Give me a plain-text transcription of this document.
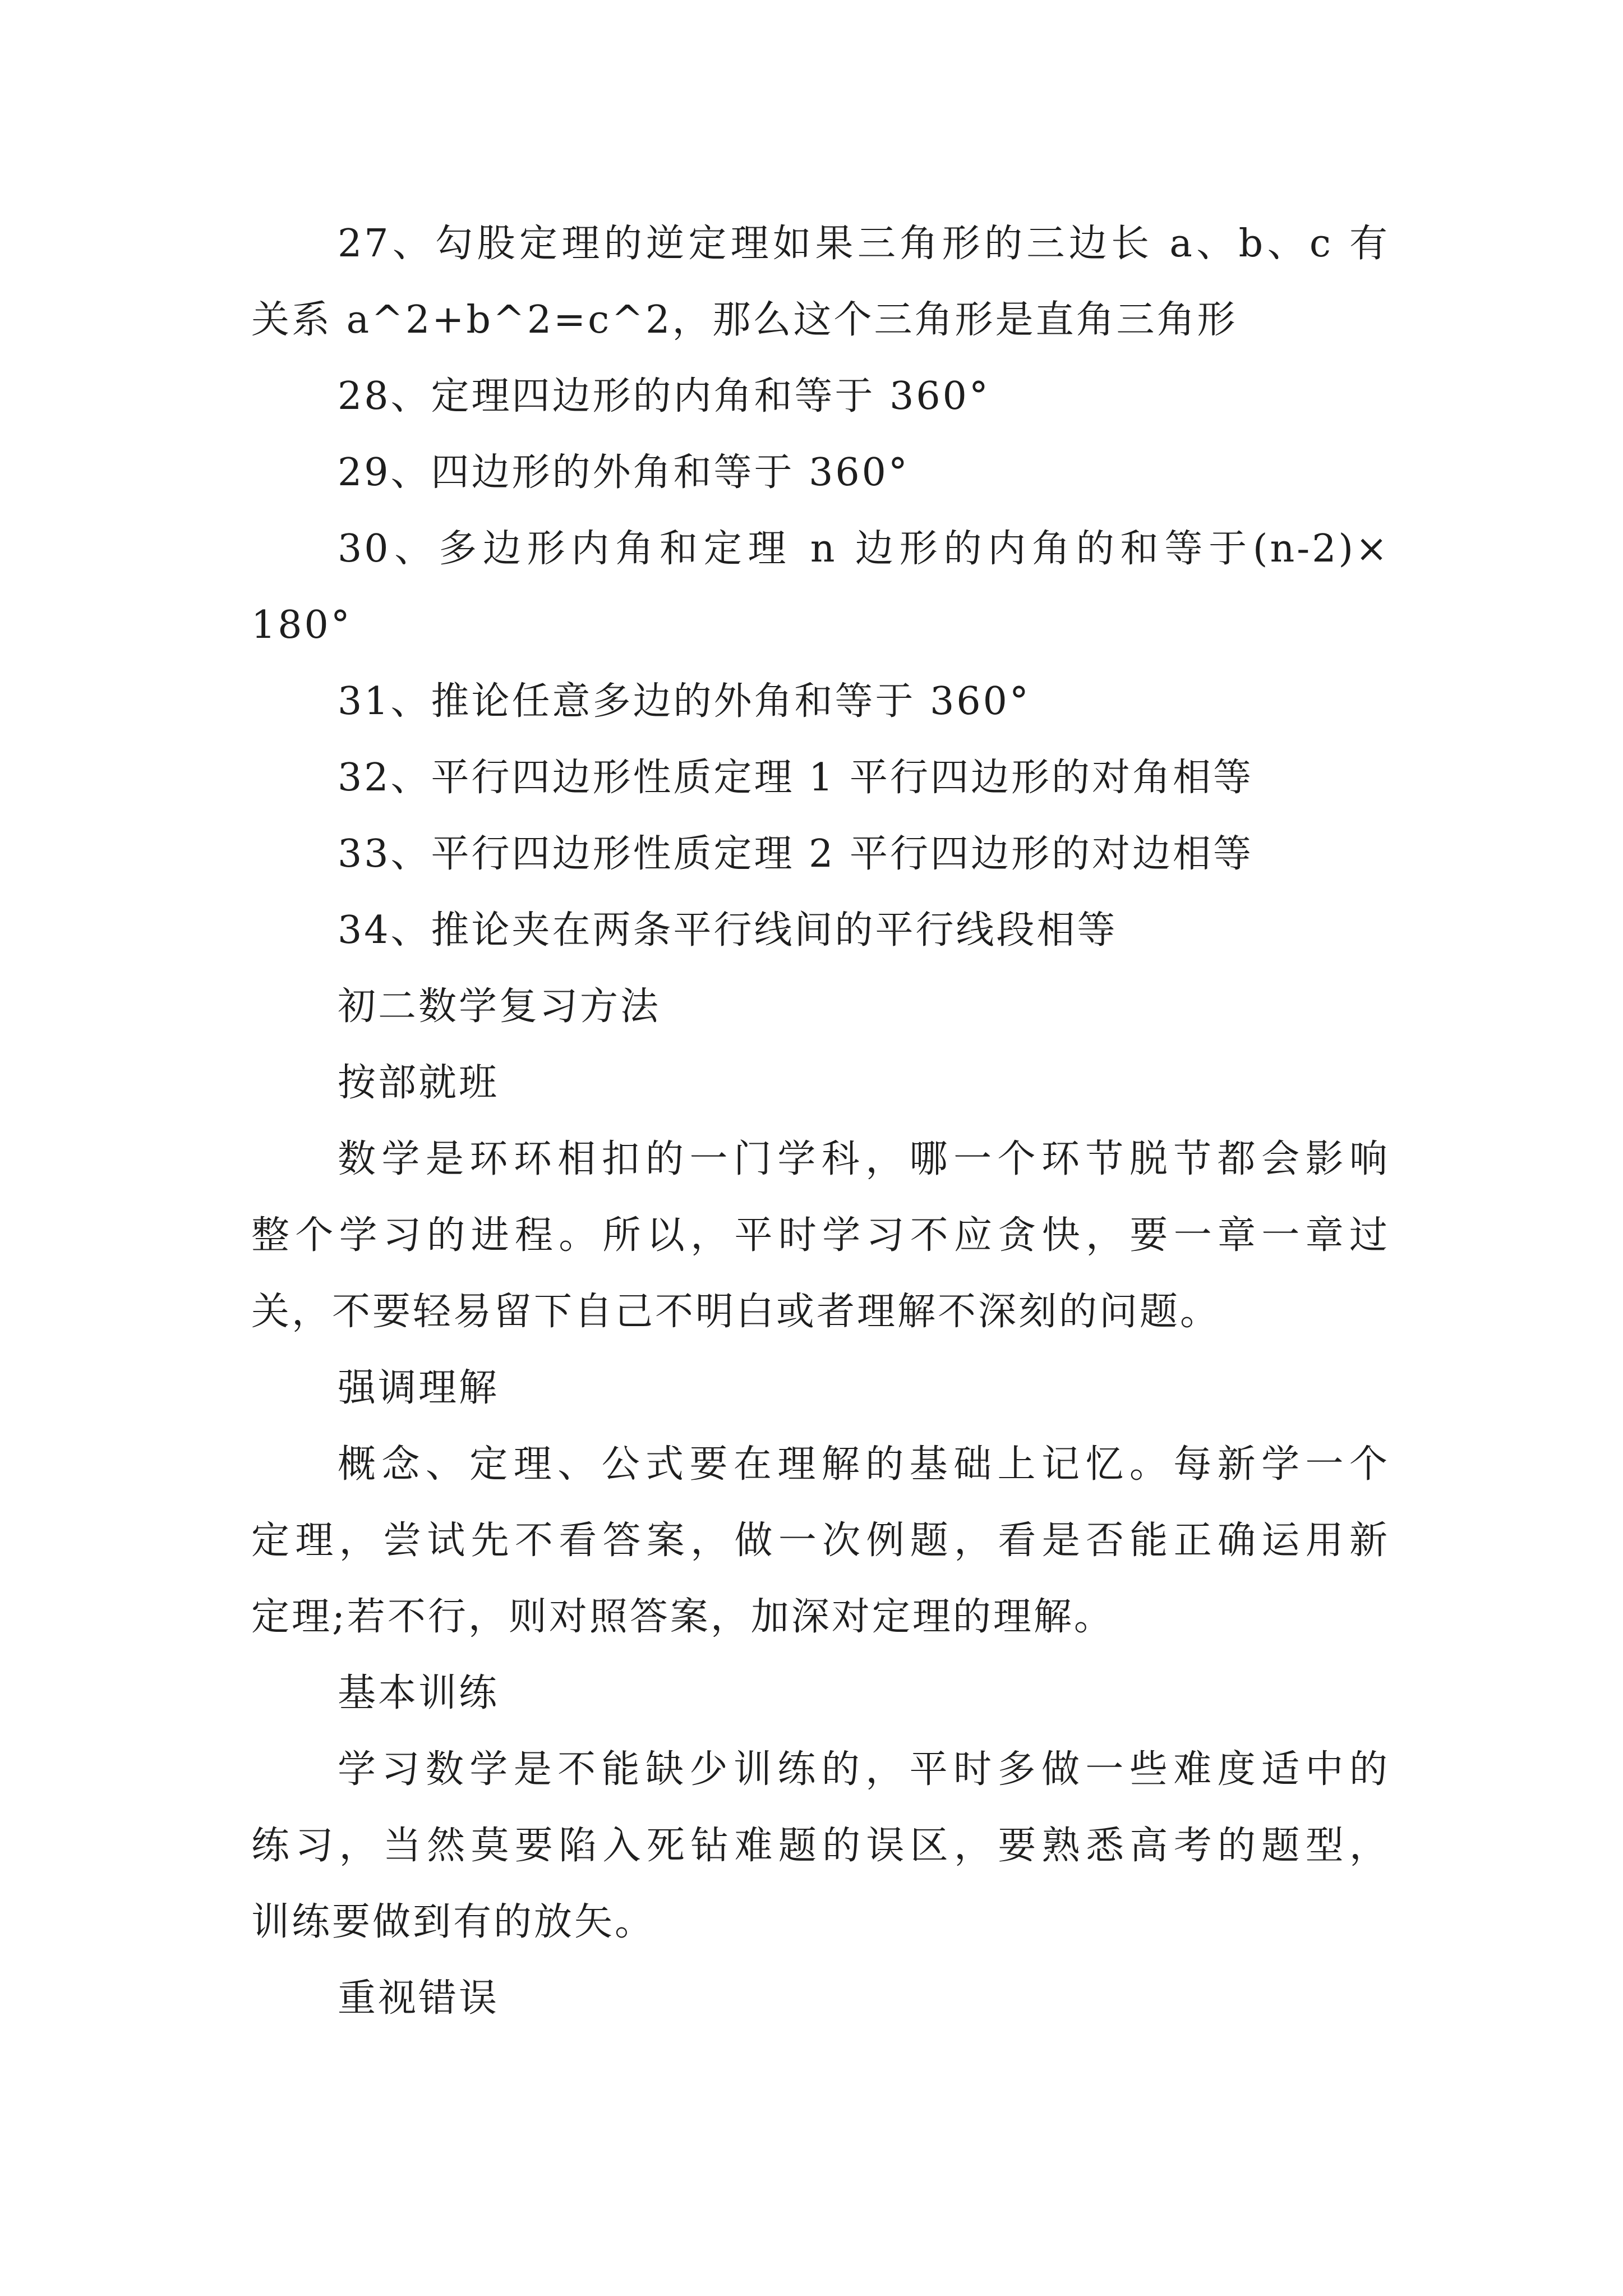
27、勾股定理的逆定理如果三角形的三边长 a、b、c 有
关系 a^2+b^2=c^2，那么这个三角形是直角三角形
28、定理四边形的内角和等于 360°
29、四边形的外角和等于 360°
30、多边形内角和定理 n 边形的内角的和等于(n-2)×
180°
31、推论任意多边的外角和等于 360°
32、平行四边形性质定理 1 平行四边形的对角相等
33、平行四边形性质定理 2 平行四边形的对边相等
34、推论夹在两条平行线间的平行线段相等
初二数学复习方法
按部就班
数学是环环相扣的一门学科，哪一个环节脱节都会影响
整个学习的进程。所以，平时学习不应贪快，要一章一章过
关，不要轻易留下自己不明白或者理解不深刻的问题。
强调理解
概念、定理、公式要在理解的基础上记忆。每新学一个
定理，尝试先不看答案，做一次例题，看是否能正确运用新
定理;若不行，则对照答案，加深对定理的理解。
基本训练
学习数学是不能缺少训练的，平时多做一些难度适中的
练习，当然莫要陷入死钻难题的误区，要熟悉高考的题型，
训练要做到有的放矢。
重视错误
